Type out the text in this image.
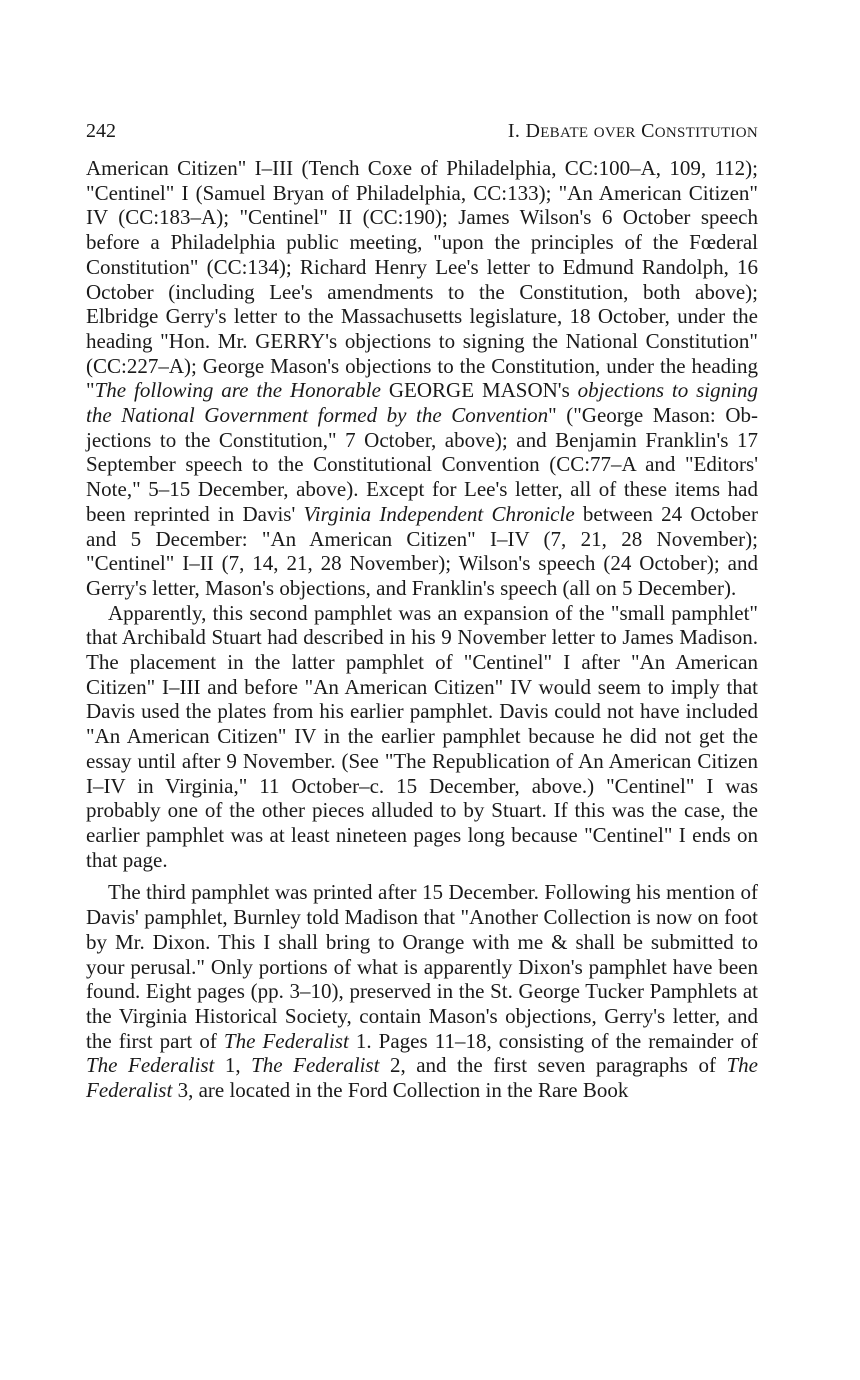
242	I. DEBATE OVER CONSTITUTION

American Citizen" I–III (Tench Coxe of Philadelphia, CC:100–A, 109, 112); "Centinel" I (Samuel Bryan of Philadelphia, CC:133); "An American Citizen" IV (CC:183–A); "Centinel" II (CC:190); James Wilson's 6 October speech before a Philadelphia public meeting, "upon the principles of the Fœderal Constitution" (CC:134); Richard Henry Lee's letter to Edmund Randolph, 16 October (including Lee's amendments to the Constitution, both above); Elbridge Gerry's letter to the Massachusetts legislature, 18 October, under the heading "Hon. Mr. GERRY's objections to signing the National Constitution" (CC:227–A); George Mason's objections to the Constitution, under the heading "The following are the Honorable GEORGE MASON's objections to signing the National Government formed by the Convention" ("George Mason: Objections to the Constitution," 7 October, above); and Benjamin Franklin's 17 September speech to the Constitutional Convention (CC:77–A and "Editors' Note," 5–15 December, above). Except for Lee's letter, all of these items had been reprinted in Davis' Virginia Independent Chronicle between 24 October and 5 December: "An American Citizen" I–IV (7, 21, 28 November); "Centinel" I–II (7, 14, 21, 28 November); Wilson's speech (24 October); and Gerry's letter, Mason's objections, and Franklin's speech (all on 5 December).

Apparently, this second pamphlet was an expansion of the "small pamphlet" that Archibald Stuart had described in his 9 November letter to James Madison. The placement in the latter pamphlet of "Centinel" I after "An American Citizen" I–III and before "An American Citizen" IV would seem to imply that Davis used the plates from his earlier pamphlet. Davis could not have included "An American Citizen" IV in the earlier pamphlet because he did not get the essay until after 9 November. (See "The Republication of An American Citizen I–IV in Virginia," 11 October–c. 15 December, above.) "Centinel" I was probably one of the other pieces alluded to by Stuart. If this was the case, the earlier pamphlet was at least nineteen pages long because "Centinel" I ends on that page.

The third pamphlet was printed after 15 December. Following his mention of Davis' pamphlet, Burnley told Madison that "Another Collection is now on foot by Mr. Dixon. This I shall bring to Orange with me & shall be submitted to your perusal." Only portions of what is apparently Dixon's pamphlet have been found. Eight pages (pp. 3–10), preserved in the St. George Tucker Pamphlets at the Virginia Historical Society, contain Mason's objections, Gerry's letter, and the first part of The Federalist 1. Pages 11–18, consisting of the remainder of The Federalist 1, The Federalist 2, and the first seven paragraphs of The Federalist 3, are located in the Ford Collection in the Rare Book
